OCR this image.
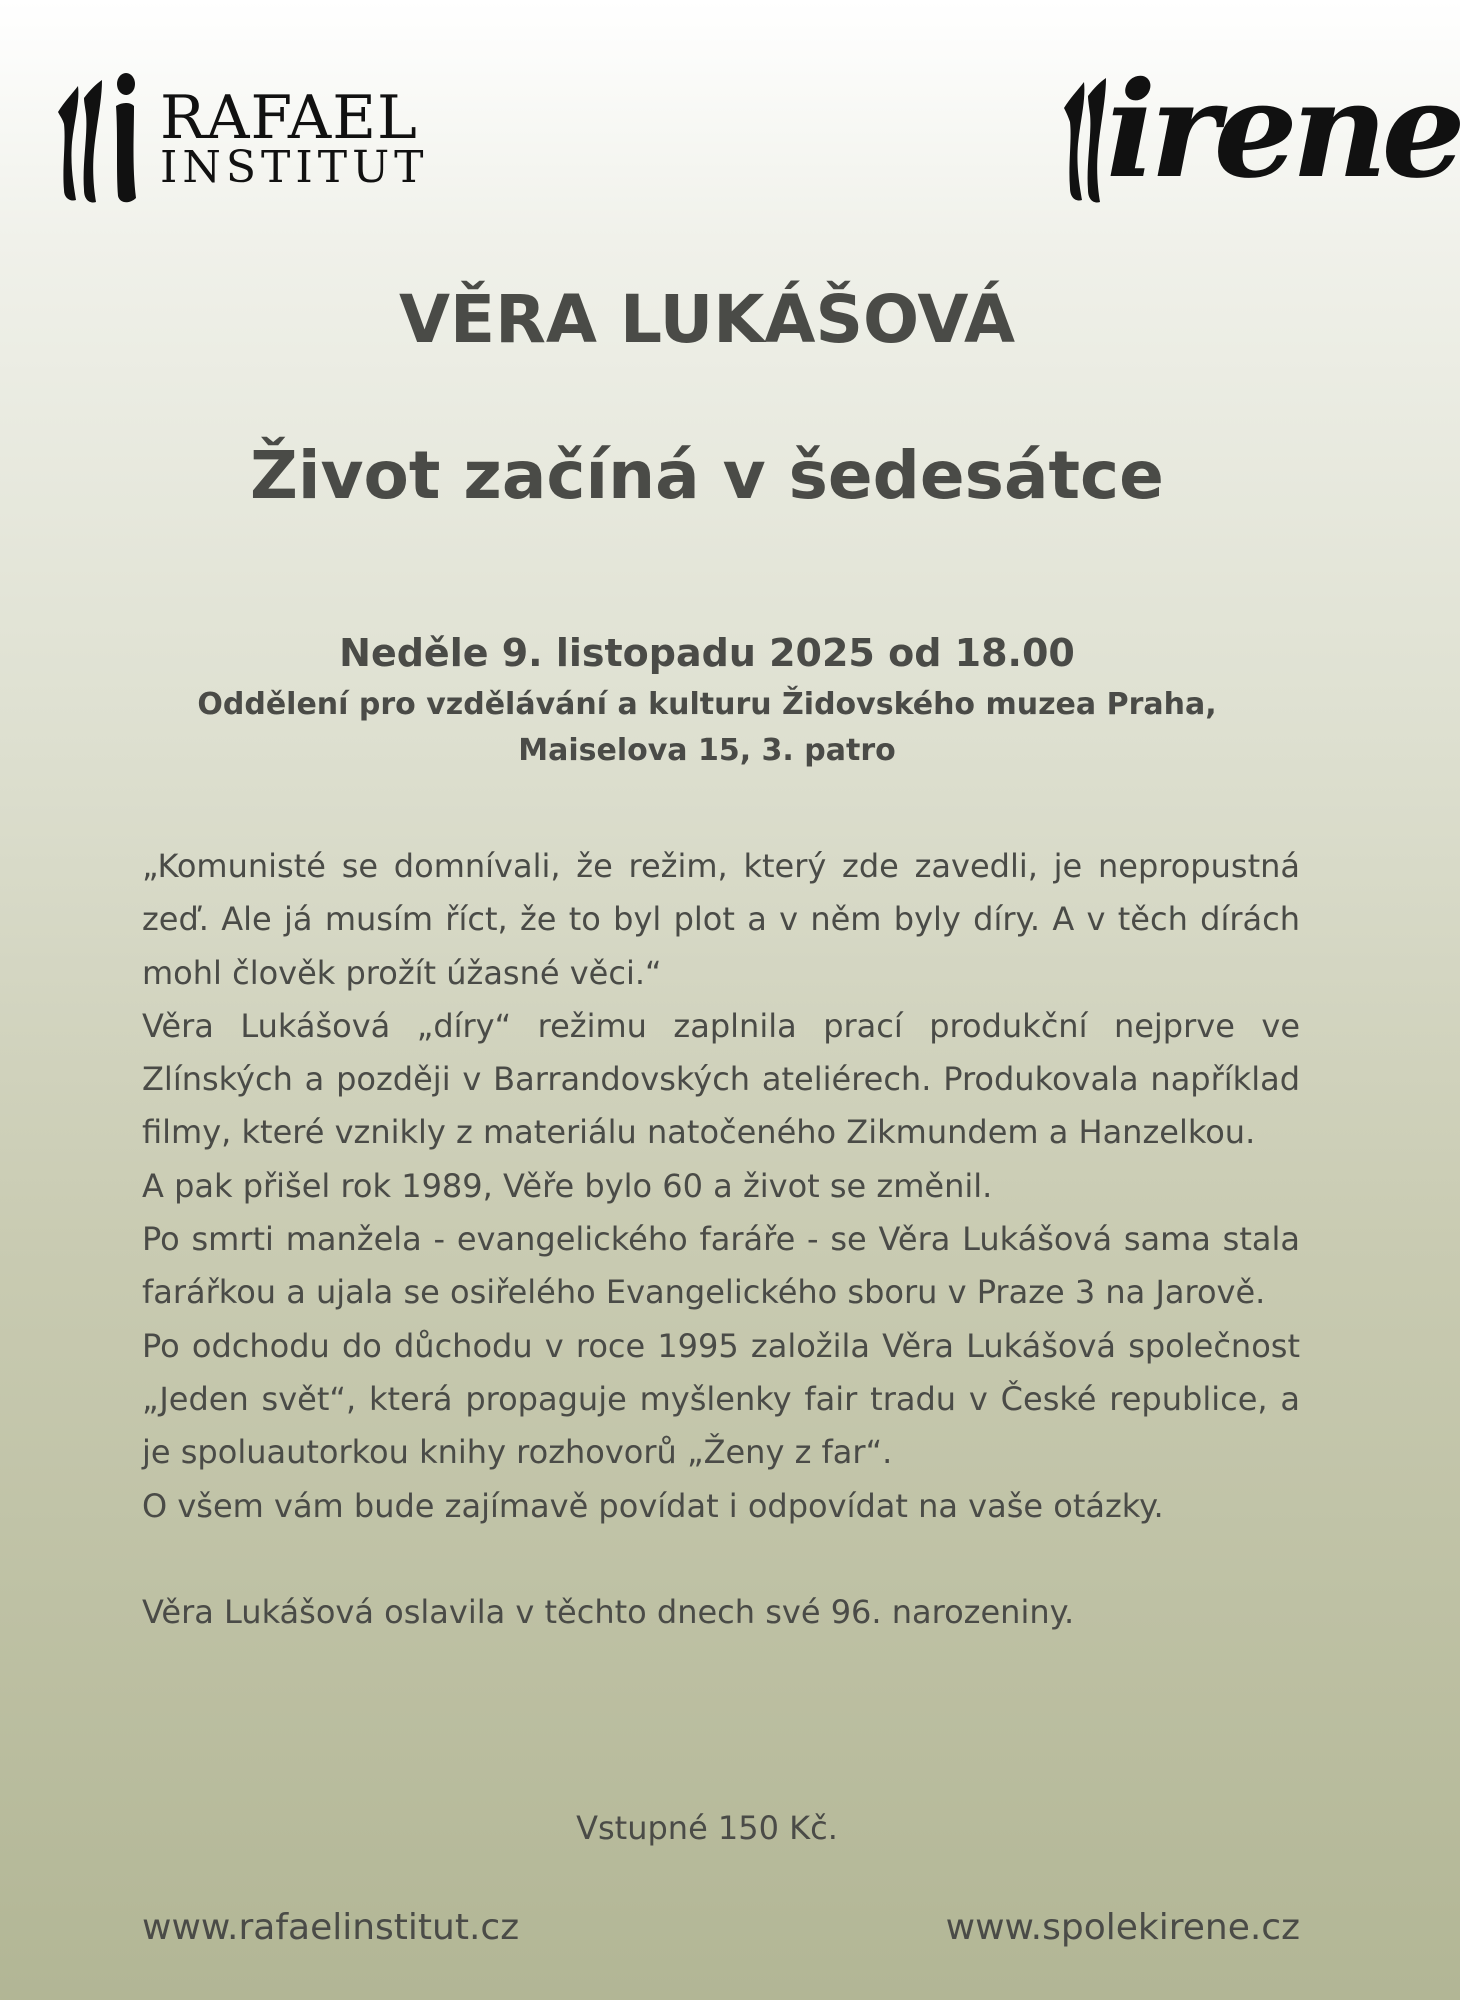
RAFAEL
INSTITUT	irene
VĚRA LUKÁŠOVÁ
Život začíná v šedesátce
Neděle 9. listopadu 2025 od 18.00
Oddělení pro vzdělávání a kulturu Židovského muzea Praha,
Maiselova 15, 3. patro

„Komunisté se domnívali, že režim, který zde zavedli, je nepropustná zeď. Ale já musím říct, že to byl plot a v něm byly díry. A v těch dírách mohl člověk prožít úžasné věci.“

Věra Lukášová „díry“ režimu zaplnila prací produkční nejprve ve Zlínských a později v Barrandovských ateliérech. Produkovala například filmy, které vznikly z materiálu natočeného Zikmundem a Hanzelkou.

A pak přišel rok 1989, Věře bylo 60 a život se změnil.

Po smrti manžela - evangelického faráře - se Věra Lukášová sama stala farářkou a ujala se osiřelého Evangelického sboru v Praze 3 na Jarově.

Po odchodu do důchodu v roce 1995 založila Věra Lukášová společnost „Jeden svět“, která propaguje myšlenky fair tradu v České republice, a je spoluautorkou knihy rozhovorů „Ženy z far“.

O všem vám bude zajímavě povídat i odpovídat na vaše otázky.

Věra Lukášová oslavila v těchto dnech své 96. narozeniny.

Vstupné 150 Kč.
www.rafaelinstitut.cz	www.spolekirene.cz
